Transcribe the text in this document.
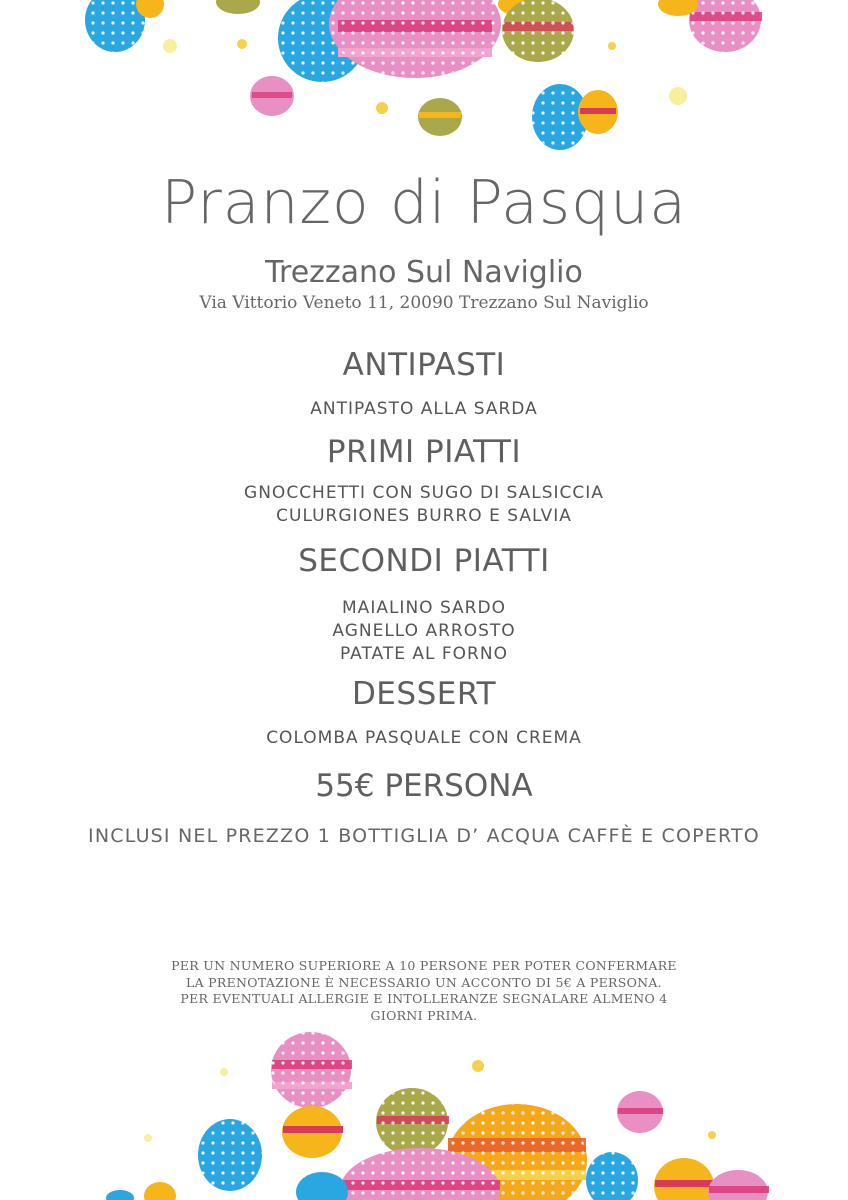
Pranzo di Pasqua
Trezzano Sul Naviglio
Via Vittorio Veneto 11, 20090 Trezzano Sul Naviglio
ANTIPASTI
ANTIPASTO ALLA SARDA
PRIMI PIATTI
GNOCCHETTI CON SUGO DI SALSICCIA
CULURGIONES BURRO E SALVIA
SECONDI PIATTI
MAIALINO SARDO
AGNELLO ARROSTO
PATATE AL FORNO
DESSERT
COLOMBA PASQUALE CON CREMA
55€ PERSONA
INCLUSI NEL PREZZO 1 BOTTIGLIA D’ ACQUA CAFFÈ E COPERTO
PER UN NUMERO SUPERIORE A 10 PERSONE PER POTER CONFERMARE
LA PRENOTAZIONE È NECESSARIO UN ACCONTO DI 5€ A PERSONA.
PER EVENTUALI ALLERGIE E INTOLLERANZE SEGNALARE ALMENO 4
GIORNI PRIMA.
